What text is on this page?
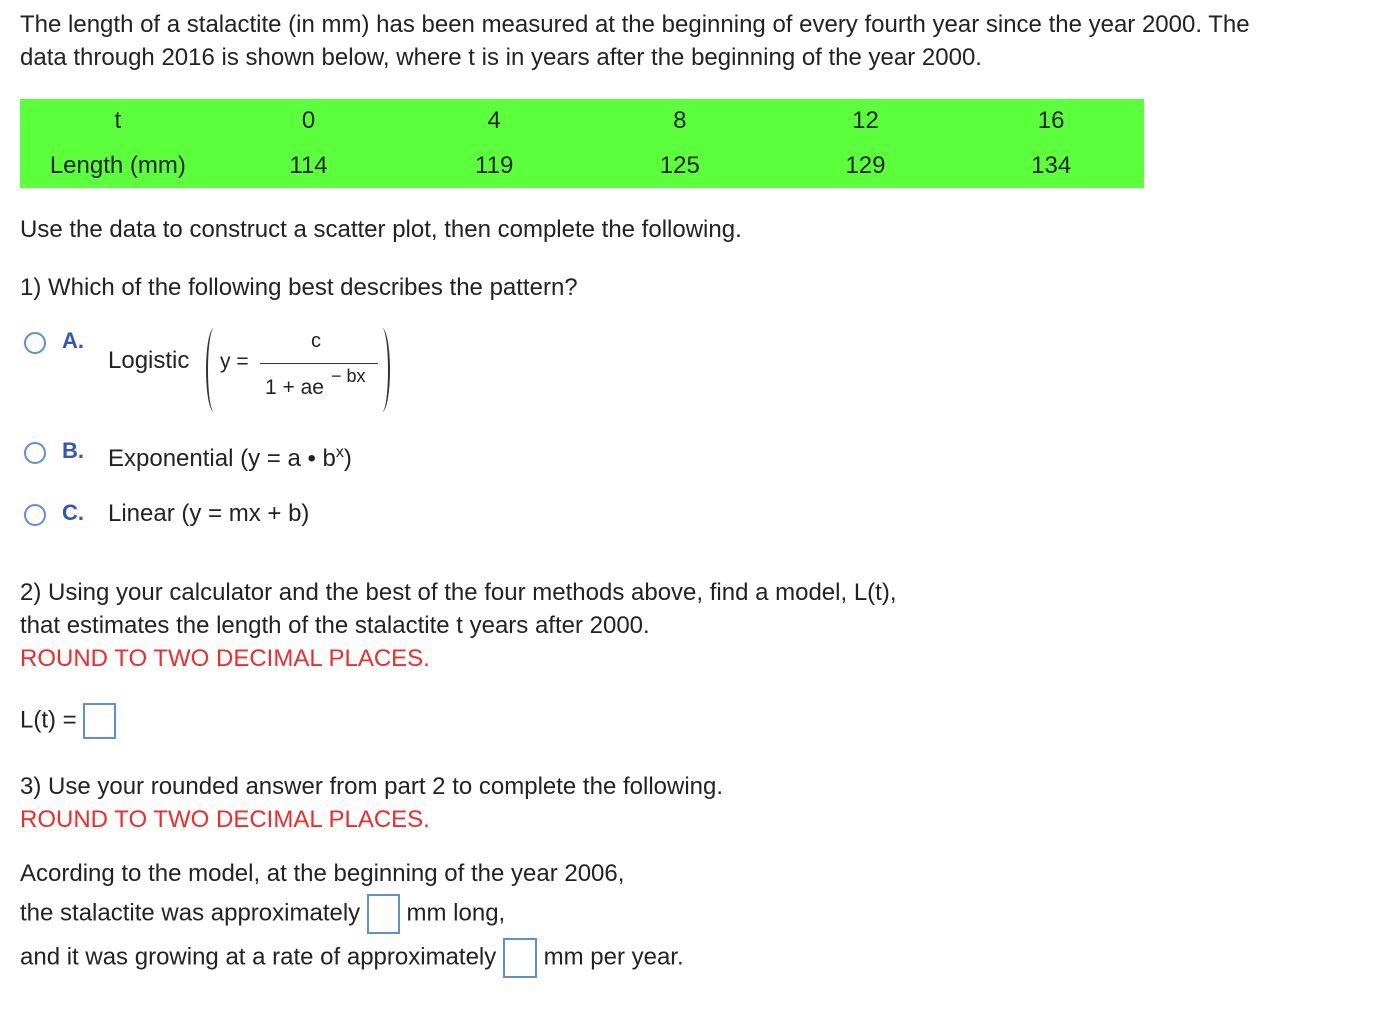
The length of a stalactite (in mm) has been measured at the beginning of every fourth year since the year 2000. The
data through 2016 is shown below, where t is in years after the beginning of the year 2000.

t	0	4	8	12	16
Length (mm)	114	119	125	129	134

Use the data to construct a scatter plot, then complete the following.

1) Which of the following best describes the pattern?

A.
Logistic y =
c
1 + ae − bx
B. Exponential (y = a • $b^x$)
C. Linear (y = mx + b)
2) Using your calculator and the best of the four methods above, find a model, L(t),
that estimates the length of the stalactite t years after 2000.
ROUND TO TWO DECIMAL PLACES.
L(t) =
3) Use your rounded answer from part 2 to complete the following.
ROUND TO TWO DECIMAL PLACES.
Acording to the model, at the beginning of the year 2006,
the stalactite was approximately mm long,
and it was growing at a rate of approximately mm per year.
